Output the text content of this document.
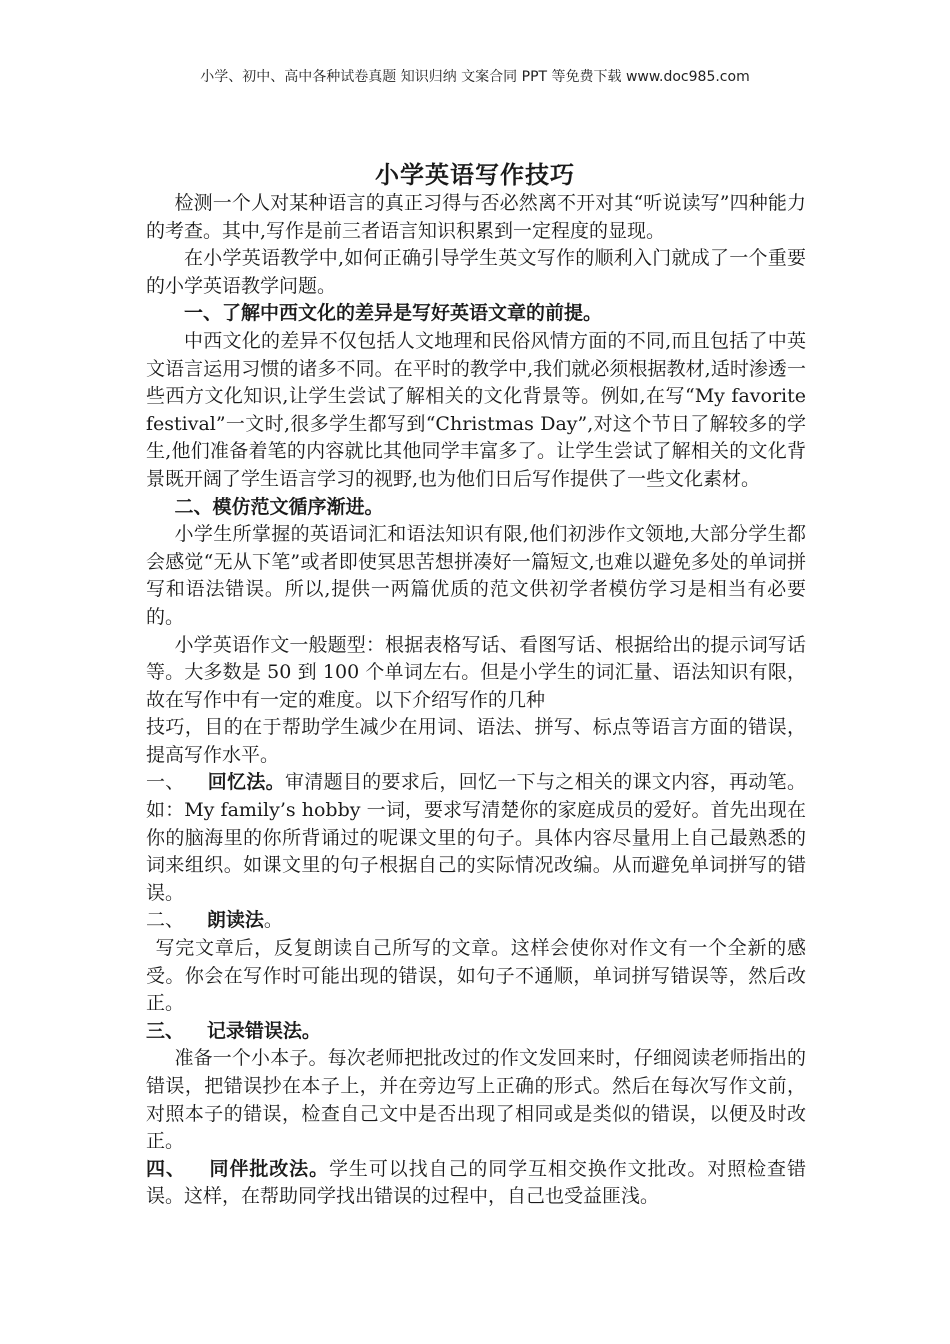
小学、初中、高中各种试卷真题 知识归纳 文案合同 PPT 等免费下载 www.doc985.com
小学英语写作技巧

检测一个人对某种语言的真正习得与否必然离不开对其“听说读写”四种能力的考查。其中,写作是前三者语言知识积累到一定程度的显现。

在小学英语教学中,如何正确引导学生英文写作的顺利入门就成了一个重要的小学英语教学问题。

一、了解中西文化的差异是写好英语文章的前提。

中西文化的差异不仅包括人文地理和民俗风情方面的不同,而且包括了中英文语言运用习惯的诸多不同。在平时的教学中,我们就必须根据教材,适时渗透一些西方文化知识,让学生尝试了解相关的文化背景等。例如,在写“My favorite festival”一文时,很多学生都写到“Christmas Day”,对这个节日了解较多的学生,他们准备着笔的内容就比其他同学丰富多了。让学生尝试了解相关的文化背景既开阔了学生语言学习的视野,也为他们日后写作提供了一些文化素材。

二、模仿范文循序渐进。

小学生所掌握的英语词汇和语法知识有限,他们初涉作文领地,大部分学生都会感觉“无从下笔”或者即使冥思苦想拼凑好一篇短文,也难以避免多处的单词拼写和语法错误。所以,提供一两篇优质的范文供初学者模仿学习是相当有必要的。

小学英语作文一般题型：根据表格写话、看图写话、根据给出的提示词写话等。大多数是 50 到 100 个单词左右。但是小学生的词汇量、语法知识有限，故在写作中有一定的难度。以下介绍写作的几种

技巧，目的在于帮助学生减少在用词、语法、拼写、标点等语言方面的错误，提高写作水平。

一、 回忆法。审清题目的要求后，回忆一下与之相关的课文内容，再动笔。如：My family’s hobby 一词，要求写清楚你的家庭成员的爱好。首先出现在你的脑海里的你所背诵过的呢课文里的句子。具体内容尽量用上自己最熟悉的词来组织。如课文里的句子根据自己的实际情况改编。从而避免单词拼写的错误。

二、 朗读法。

写完文章后，反复朗读自己所写的文章。这样会使你对作文有一个全新的感受。你会在写作时可能出现的错误，如句子不通顺，单词拼写错误等，然后改正。

三、 记录错误法。

准备一个小本子。每次老师把批改过的作文发回来时，仔细阅读老师指出的错误，把错误抄在本子上，并在旁边写上正确的形式。然后在每次写作文前，对照本子的错误，检查自己文中是否出现了相同或是类似的错误，以便及时改正。

四、 同伴批改法。学生可以找自己的同学互相交换作文批改。对照检查错误。这样，在帮助同学找出错误的过程中，自己也受益匪浅。
